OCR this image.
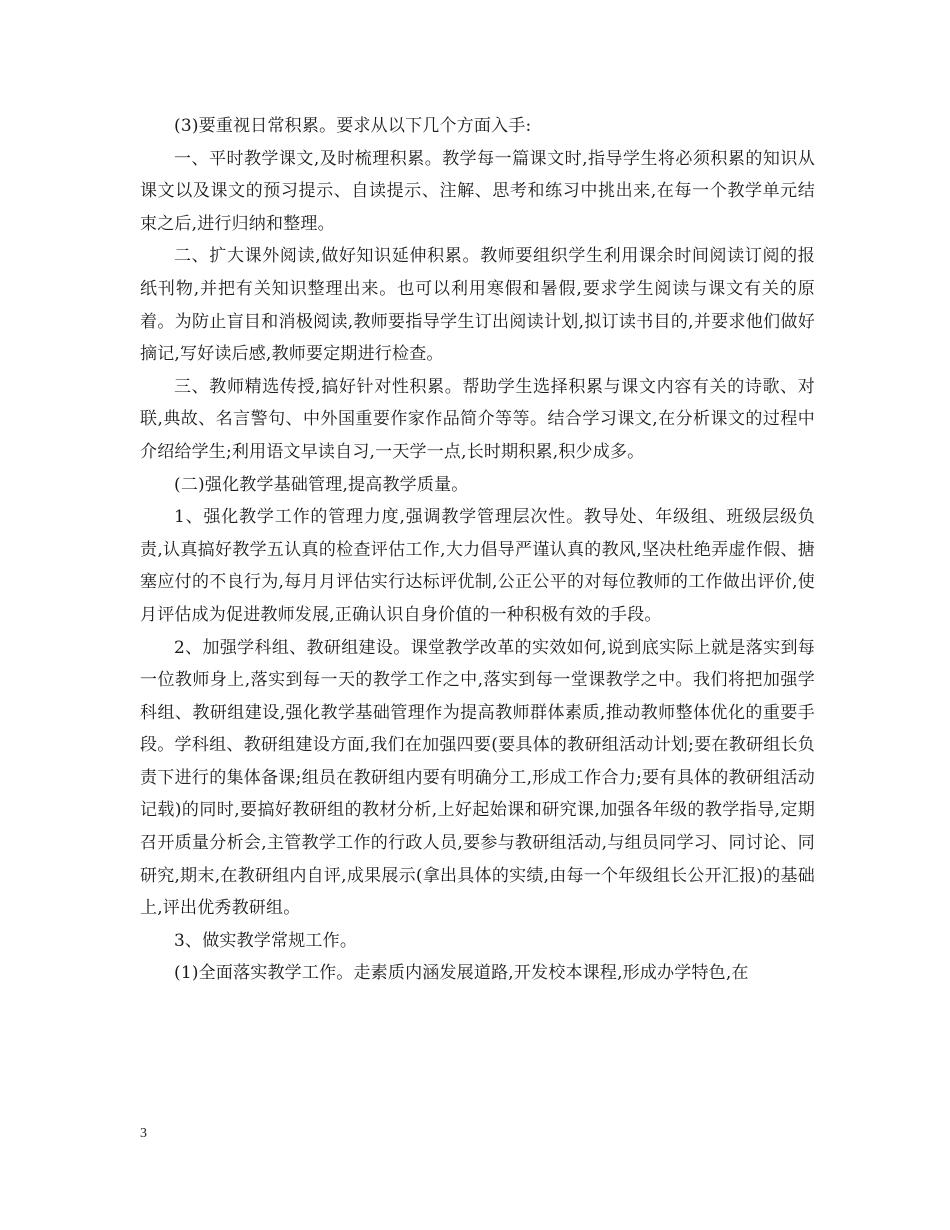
(3)要重视日常积累。要求从以下几个方面入手:

一、平时教学课文,及时梳理积累。教学每一篇课文时,指导学生将必须积累的知识从课文以及课文的预习提示、自读提示、注解、思考和练习中挑出来,在每一个教学单元结束之后,进行归纳和整理。

二、扩大课外阅读,做好知识延伸积累。教师要组织学生利用课余时间阅读订阅的报纸刊物,并把有关知识整理出来。也可以利用寒假和暑假,要求学生阅读与课文有关的原着。为防止盲目和消极阅读,教师要指导学生订出阅读计划,拟订读书目的,并要求他们做好摘记,写好读后感,教师要定期进行检查。

三、教师精选传授,搞好针对性积累。帮助学生选择积累与课文内容有关的诗歌、对联,典故、名言警句、中外国重要作家作品简介等等。结合学习课文,在分析课文的过程中介绍给学生;利用语文早读自习,一天学一点,长时期积累,积少成多。

(二)强化教学基础管理,提高教学质量。

1、强化教学工作的管理力度,强调教学管理层次性。教导处、年级组、班级层级负责,认真搞好教学五认真的检查评估工作,大力倡导严谨认真的教风,坚决杜绝弄虚作假、搪塞应付的不良行为,每月月评估实行达标评优制,公正公平的对每位教师的工作做出评价,使月评估成为促进教师发展,正确认识自身价值的一种积极有效的手段。

2、加强学科组、教研组建设。课堂教学改革的实效如何,说到底实际上就是落实到每一位教师身上,落实到每一天的教学工作之中,落实到每一堂课教学之中。我们将把加强学科组、教研组建设,强化教学基础管理作为提高教师群体素质,推动教师整体优化的重要手段。学科组、教研组建设方面,我们在加强四要(要具体的教研组活动计划;要在教研组长负责下进行的集体备课;组员在教研组内要有明确分工,形成工作合力;要有具体的教研组活动记载)的同时,要搞好教研组的教材分析,上好起始课和研究课,加强各年级的教学指导,定期召开质量分析会,主管教学工作的行政人员,要参与教研组活动,与组员同学习、同讨论、同研究,期末,在教研组内自评,成果展示(拿出具体的实绩,由每一个年级组长公开汇报)的基础上,评出优秀教研组。

3、做实教学常规工作。

(1)全面落实教学工作。走素质内涵发展道路,开发校本课程,形成办学特色,在

3
